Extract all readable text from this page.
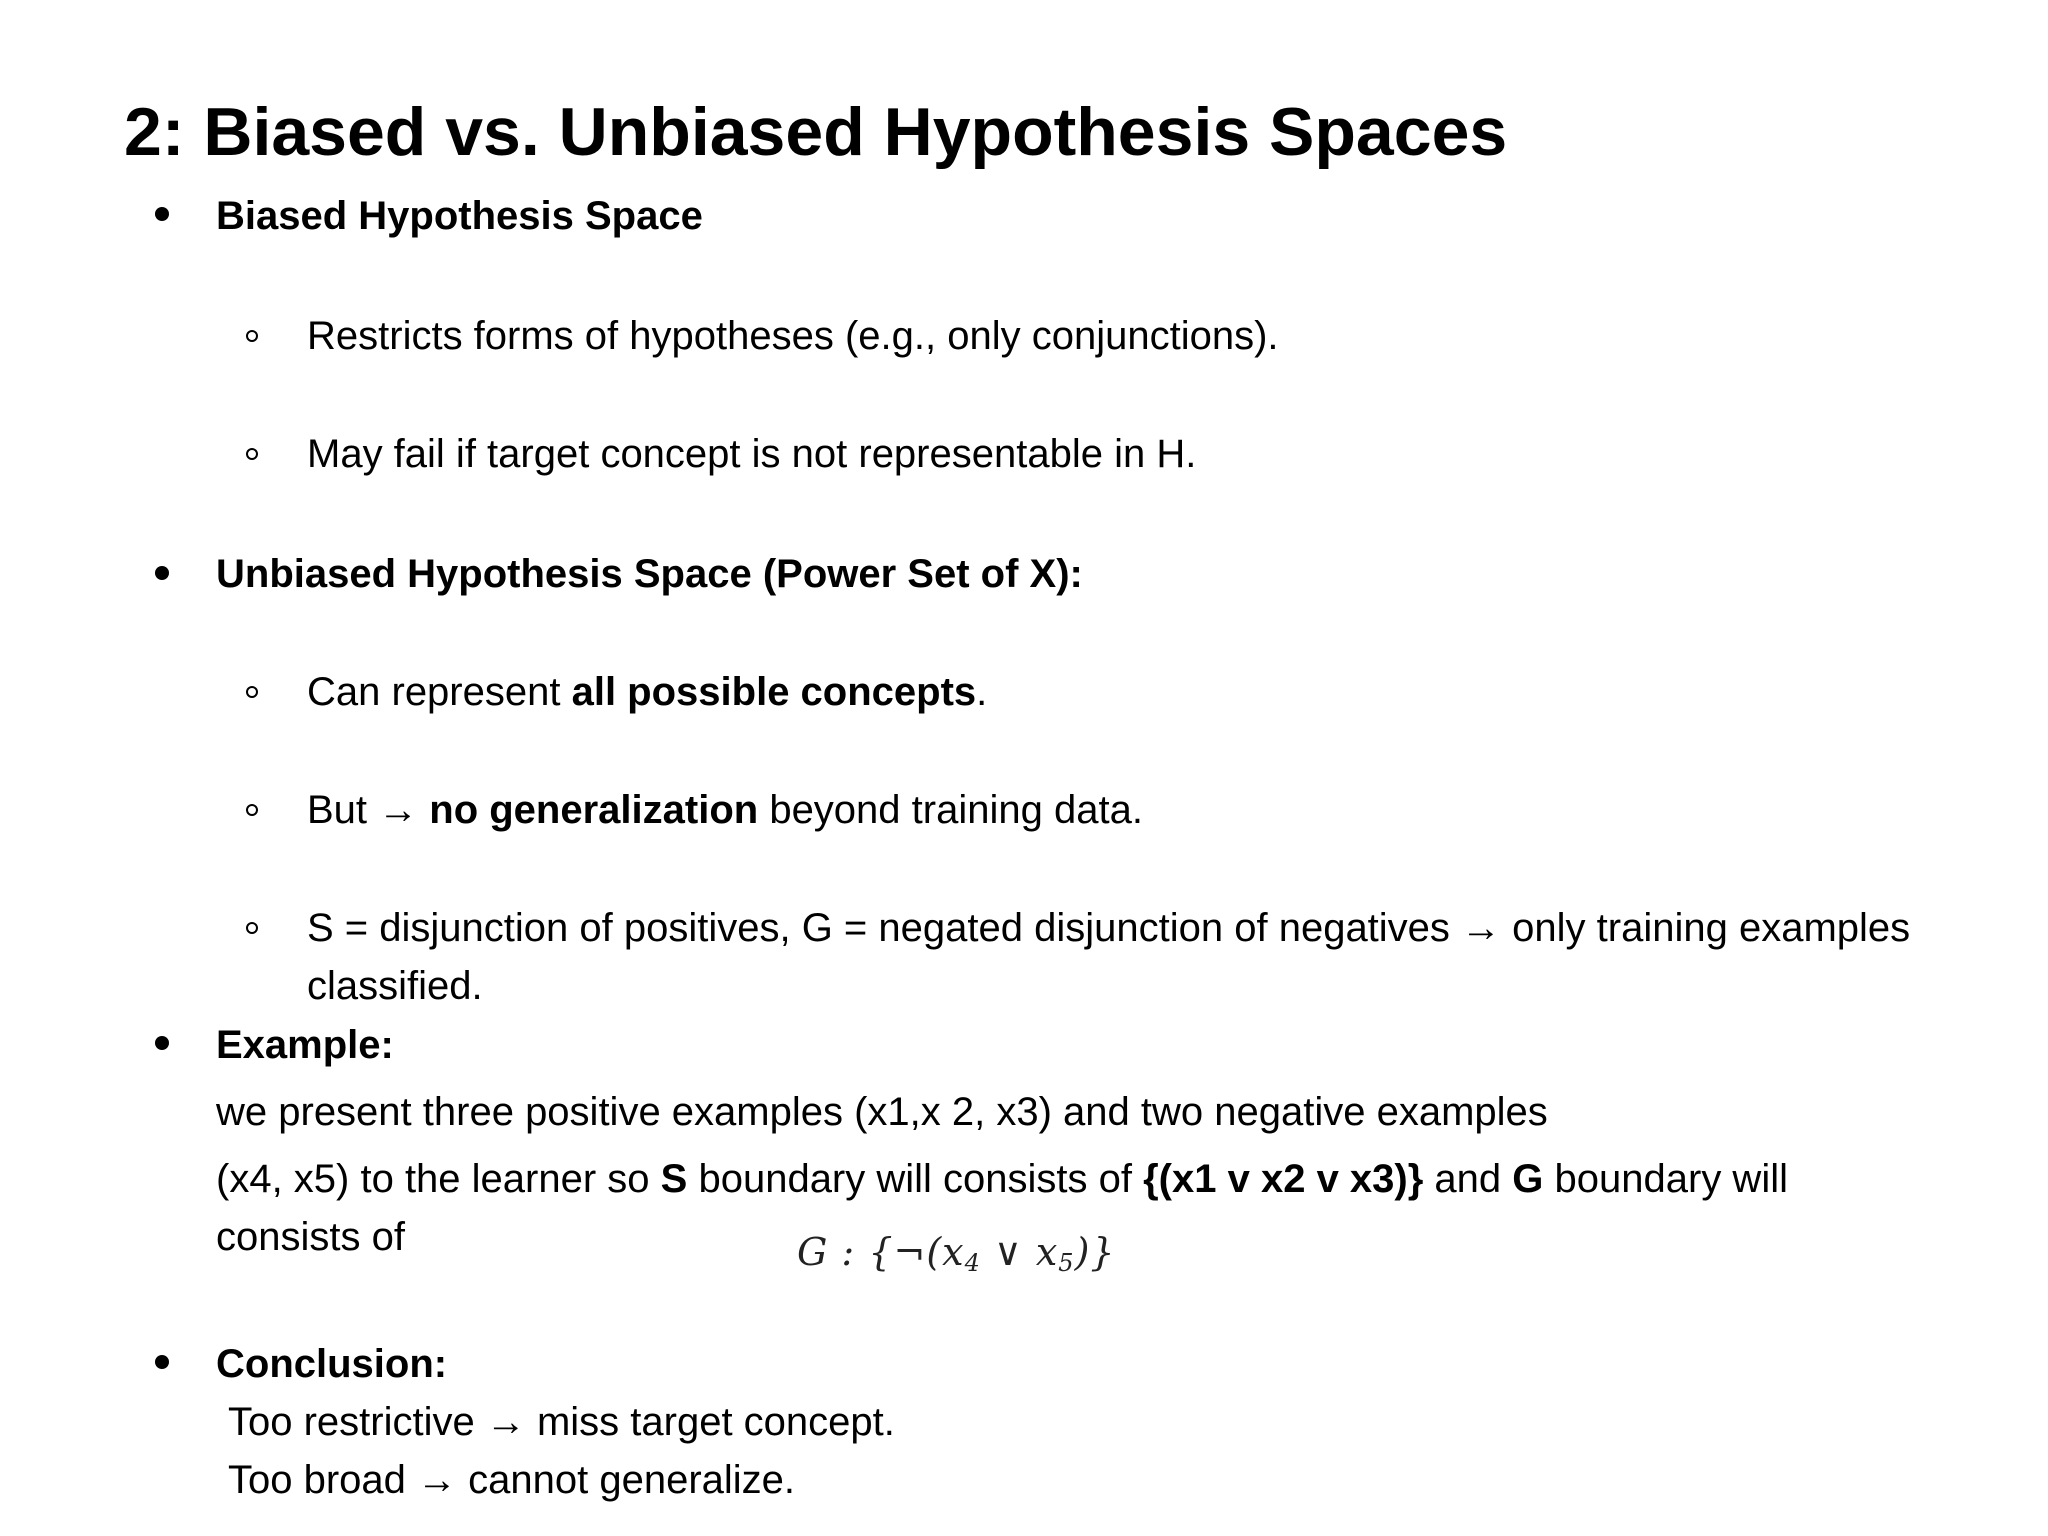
2: Biased vs. Unbiased Hypothesis Spaces
Biased Hypothesis Space
Restricts forms of hypotheses (e.g., only conjunctions).
May fail if target concept is not representable in H.
Unbiased Hypothesis Space (Power Set of X):
Can represent all possible concepts.
But → no generalization beyond training data.
S = disjunction of positives, G = negated disjunction of negatives → only training examples
classified.
Example:
we present three positive examples (x1,x 2, x3) and two negative examples
(x4, x5) to the learner so S boundary will consists of {(x1 v x2 v x3)} and G boundary will
consists of	G : {$\neg(x_4$ ∨ $x_5$)}
Conclusion:
Too restrictive → miss target concept.
Too broad → cannot generalize.
